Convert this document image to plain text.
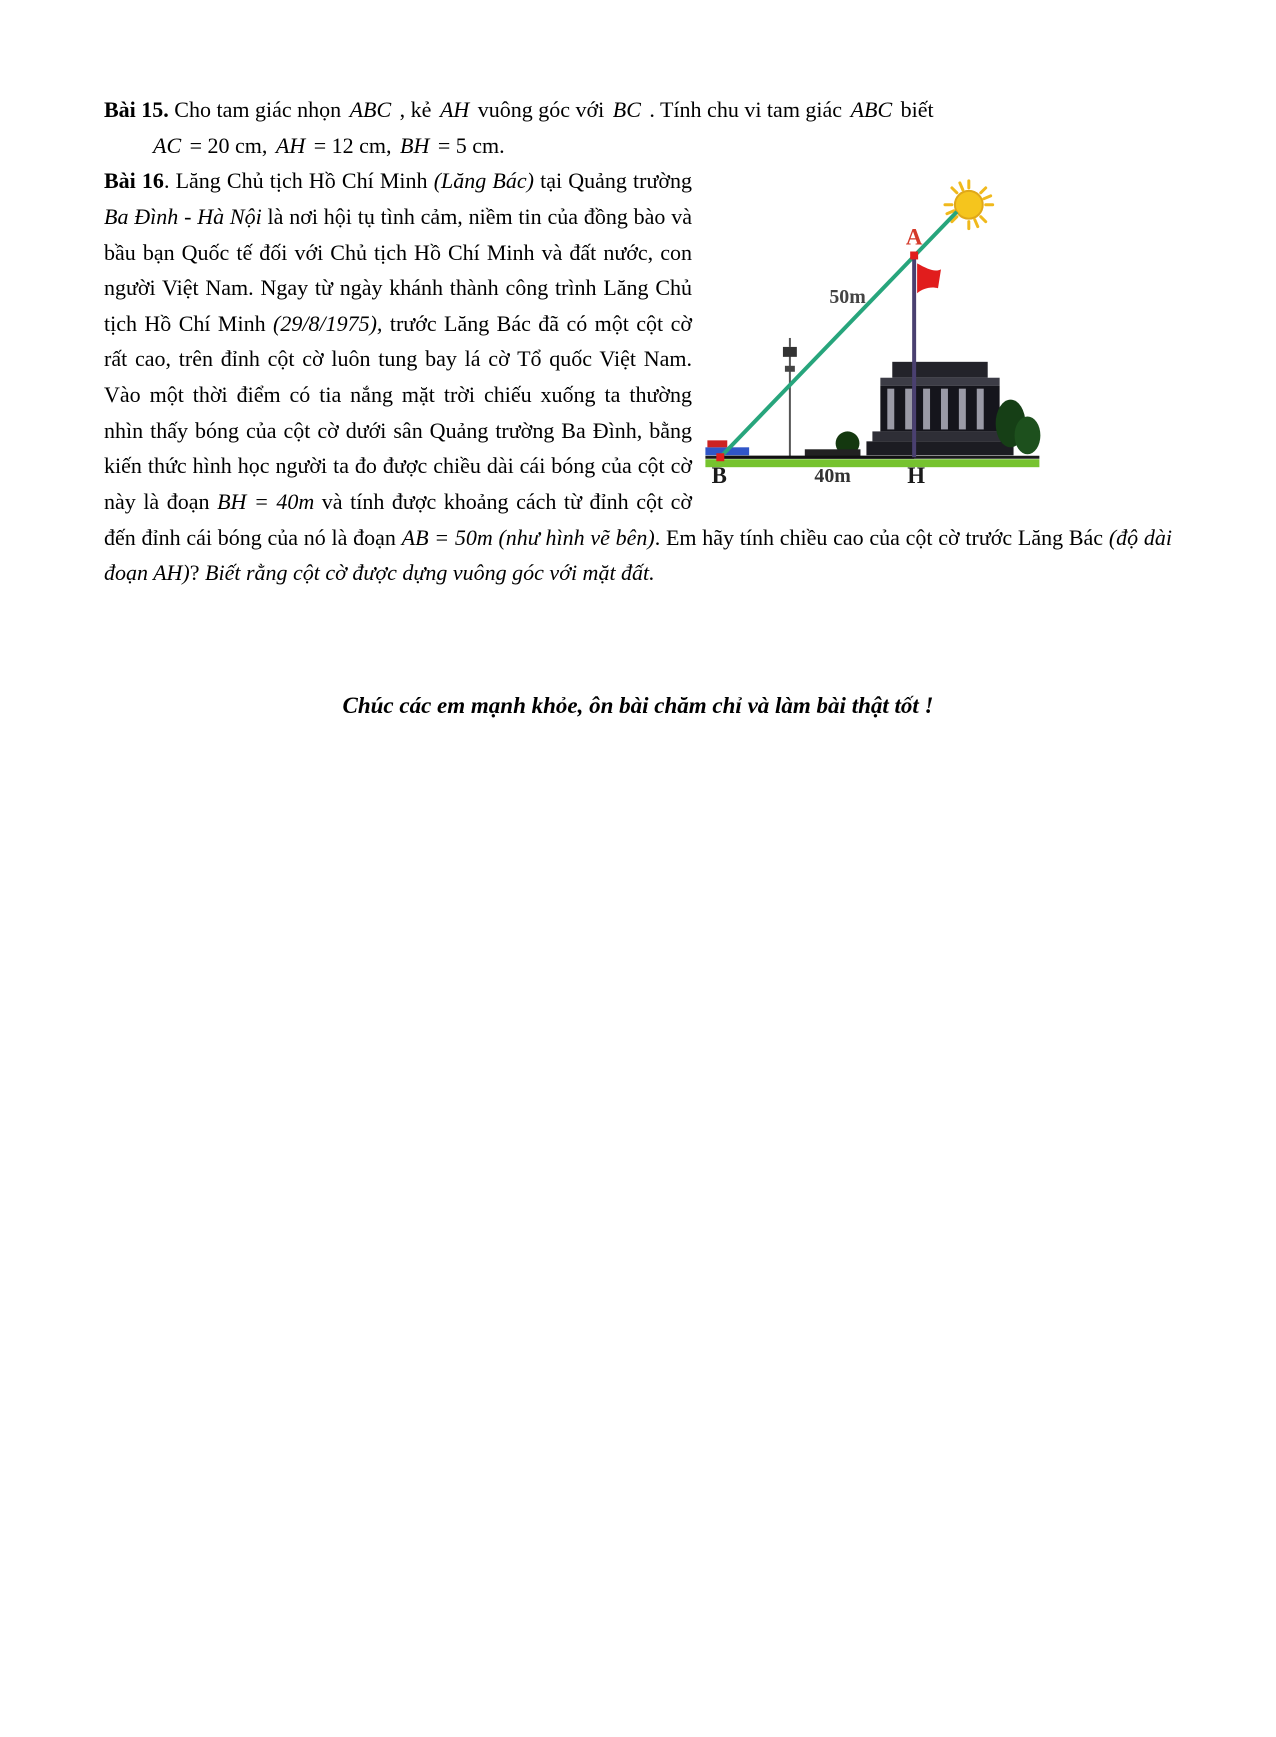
Bài 15. Cho tam giác nhọn ABC , kẻ AH vuông góc với BC . Tính chu vi tam giác ABC biết

AC = 20 cm, AH = 12 cm, BH = 5 cm.

A
B	H
40m
50m
Bài 16. Lăng Chủ tịch Hồ Chí Minh (Lăng Bác) tại Quảng trường Ba Đình - Hà Nội là nơi hội tụ tình cảm, niềm tin của đồng bào và bầu bạn Quốc tế đối với Chủ tịch Hồ Chí Minh và đất nước, con người Việt Nam. Ngay từ ngày khánh thành công trình Lăng Chủ tịch Hồ Chí Minh (29/8/1975), trước Lăng Bác đã có một cột cờ rất cao, trên đỉnh cột cờ luôn tung bay lá cờ Tổ quốc Việt Nam. Vào một thời điểm có tia nắng mặt trời chiếu xuống ta thường nhìn thấy bóng của cột cờ dưới sân Quảng trường Ba Đình, bằng kiến thức hình học người ta đo được chiều dài cái bóng của cột cờ này là đoạn BH = 40m và tính được khoảng cách từ đỉnh cột cờ đến đỉnh cái bóng của nó là đoạn AB = 50m (như hình vẽ bên). Em hãy tính chiều cao của cột cờ trước Lăng Bác (độ dài đoạn AH)? Biết rằng cột cờ được dựng vuông góc với mặt đất.

Chúc các em mạnh khỏe, ôn bài chăm chỉ và làm bài thật tốt !
